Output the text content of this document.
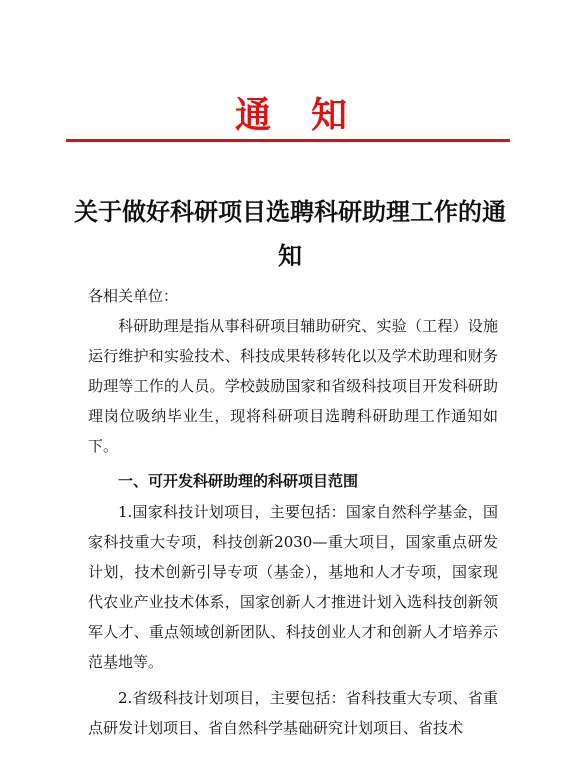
通知
关于做好科研项目选聘科研助理工作的通知
各相关单位：
科研助理是指从事科研项目辅助研究、实验（工程）设施运行维护和实验技术、科技成果转移转化以及学术助理和财务助理等工作的人员。学校鼓励国家和省级科技项目开发科研助理岗位吸纳毕业生，现将科研项目选聘科研助理工作通知如下。
一、可开发科研助理的科研项目范围
1.国家科技计划项目，主要包括：国家自然科学基金，国家科技重大专项，科技创新2030—重大项目，国家重点研发计划，技术创新引导专项（基金），基地和人才专项，国家现代农业产业技术体系，国家创新人才推进计划入选科技创新领军人才、重点领域创新团队、科技创业人才和创新人才培养示范基地等。
2.省级科技计划项目，主要包括：省科技重大专项、省重点研发计划项目、省自然科学基础研究计划项目、省技术
